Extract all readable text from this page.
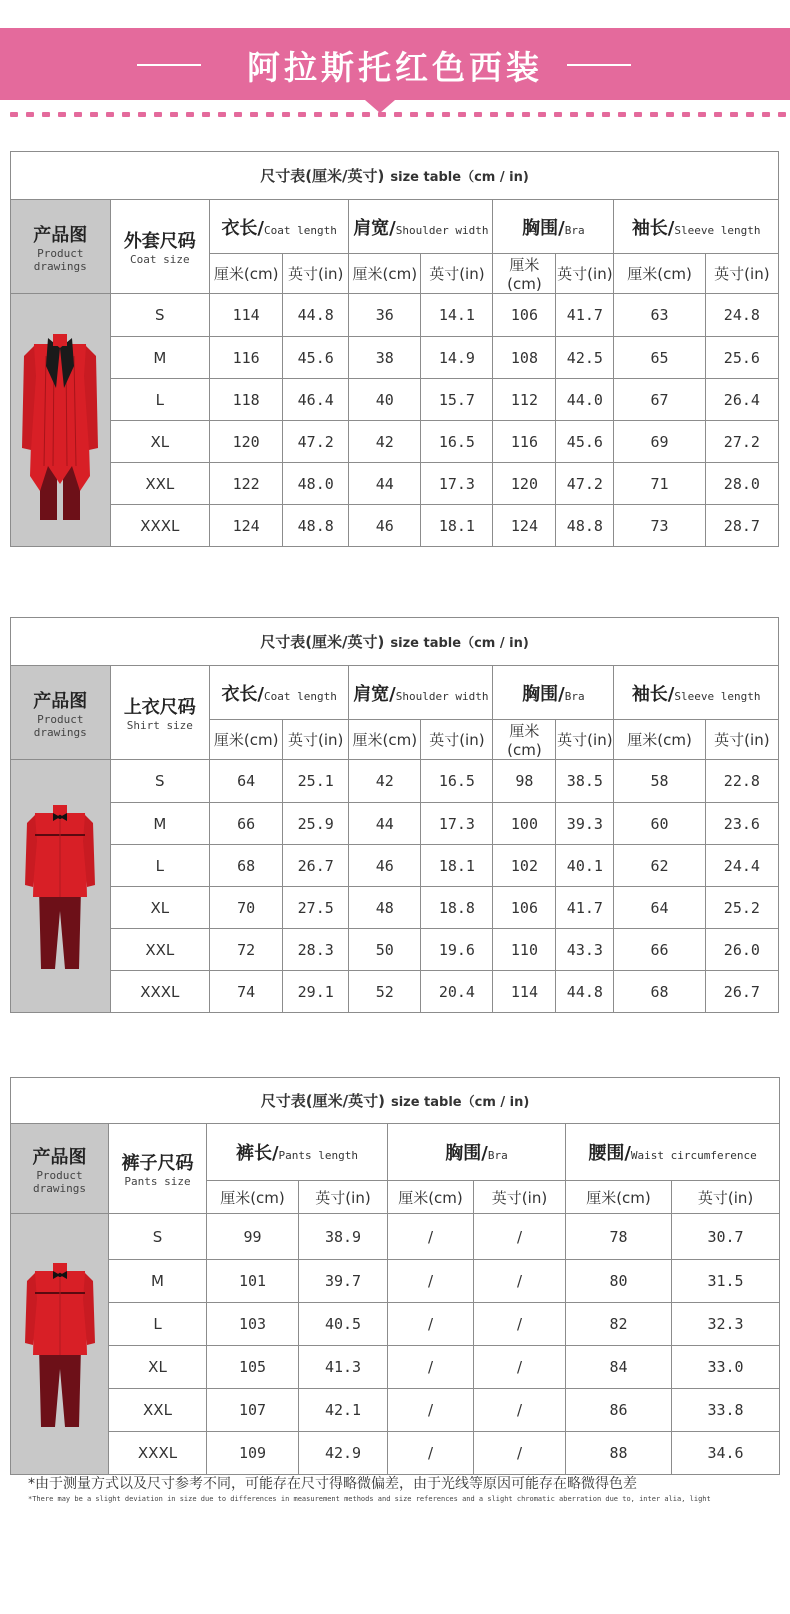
阿拉斯托红色西装
尺寸表(厘米/英寸) size table（cm / in)									

产品图
Product
drawings	外套尺码
Coat size	衣长/Coat length		肩宽/Shoulder width		胸围/Bra		袖长/Sleeve length	
		厘米(cm)	英寸(in)	厘米(cm)	英寸(in)	厘米(cm)	英寸(in)	厘米(cm)	英寸(in)

	S	114	44.8	36	14.1	106	41.7	63	24.8
	M	116	45.6	38	14.9	108	42.5	65	25.6
	L	118	46.4	40	15.7	112	44.0	67	26.4
	XL	120	47.2	42	16.5	116	45.6	69	27.2
	XXL	122	48.0	44	17.3	120	47.2	71	28.0
	XXXL	124	48.8	46	18.1	124	48.8	73	28.7
尺寸表(厘米/英寸) size table（cm / in)									

产品图
Product
drawings	上衣尺码
Shirt size	衣长/Coat length		肩宽/Shoulder width		胸围/Bra		袖长/Sleeve length	
		厘米(cm)	英寸(in)	厘米(cm)	英寸(in)	厘米(cm)	英寸(in)	厘米(cm)	英寸(in)

	S	64	25.1	42	16.5	98	38.5	58	22.8
	M	66	25.9	44	17.3	100	39.3	60	23.6
	L	68	26.7	46	18.1	102	40.1	62	24.4
	XL	70	27.5	48	18.8	106	41.7	64	25.2
	XXL	72	28.3	50	19.6	110	43.3	66	26.0
	XXXL	74	29.1	52	20.4	114	44.8	68	26.7
尺寸表(厘米/英寸) size table（cm / in)							

产品图
Product
drawings	裤子尺码
Pants size	裤长/Pants length		胸围/Bra		腰围/Waist circumference	
		厘米(cm)	英寸(in)	厘米(cm)	英寸(in)	厘米(cm)	英寸(in)

	S	99	38.9	/	/	78	30.7
	M	101	39.7	/	/	80	31.5
	L	103	40.5	/	/	82	32.3
	XL	105	41.3	/	/	84	33.0
	XXL	107	42.1	/	/	86	33.8
	XXXL	109	42.9	/	/	88	34.6
*由于测量方式以及尺寸参考不同，可能存在尺寸得略微偏差，由于光线等原因可能存在略微得色差
*There may be a slight deviation in size due to differences in measurement methods and size references and a slight chromatic aberration due to, inter alia, light
